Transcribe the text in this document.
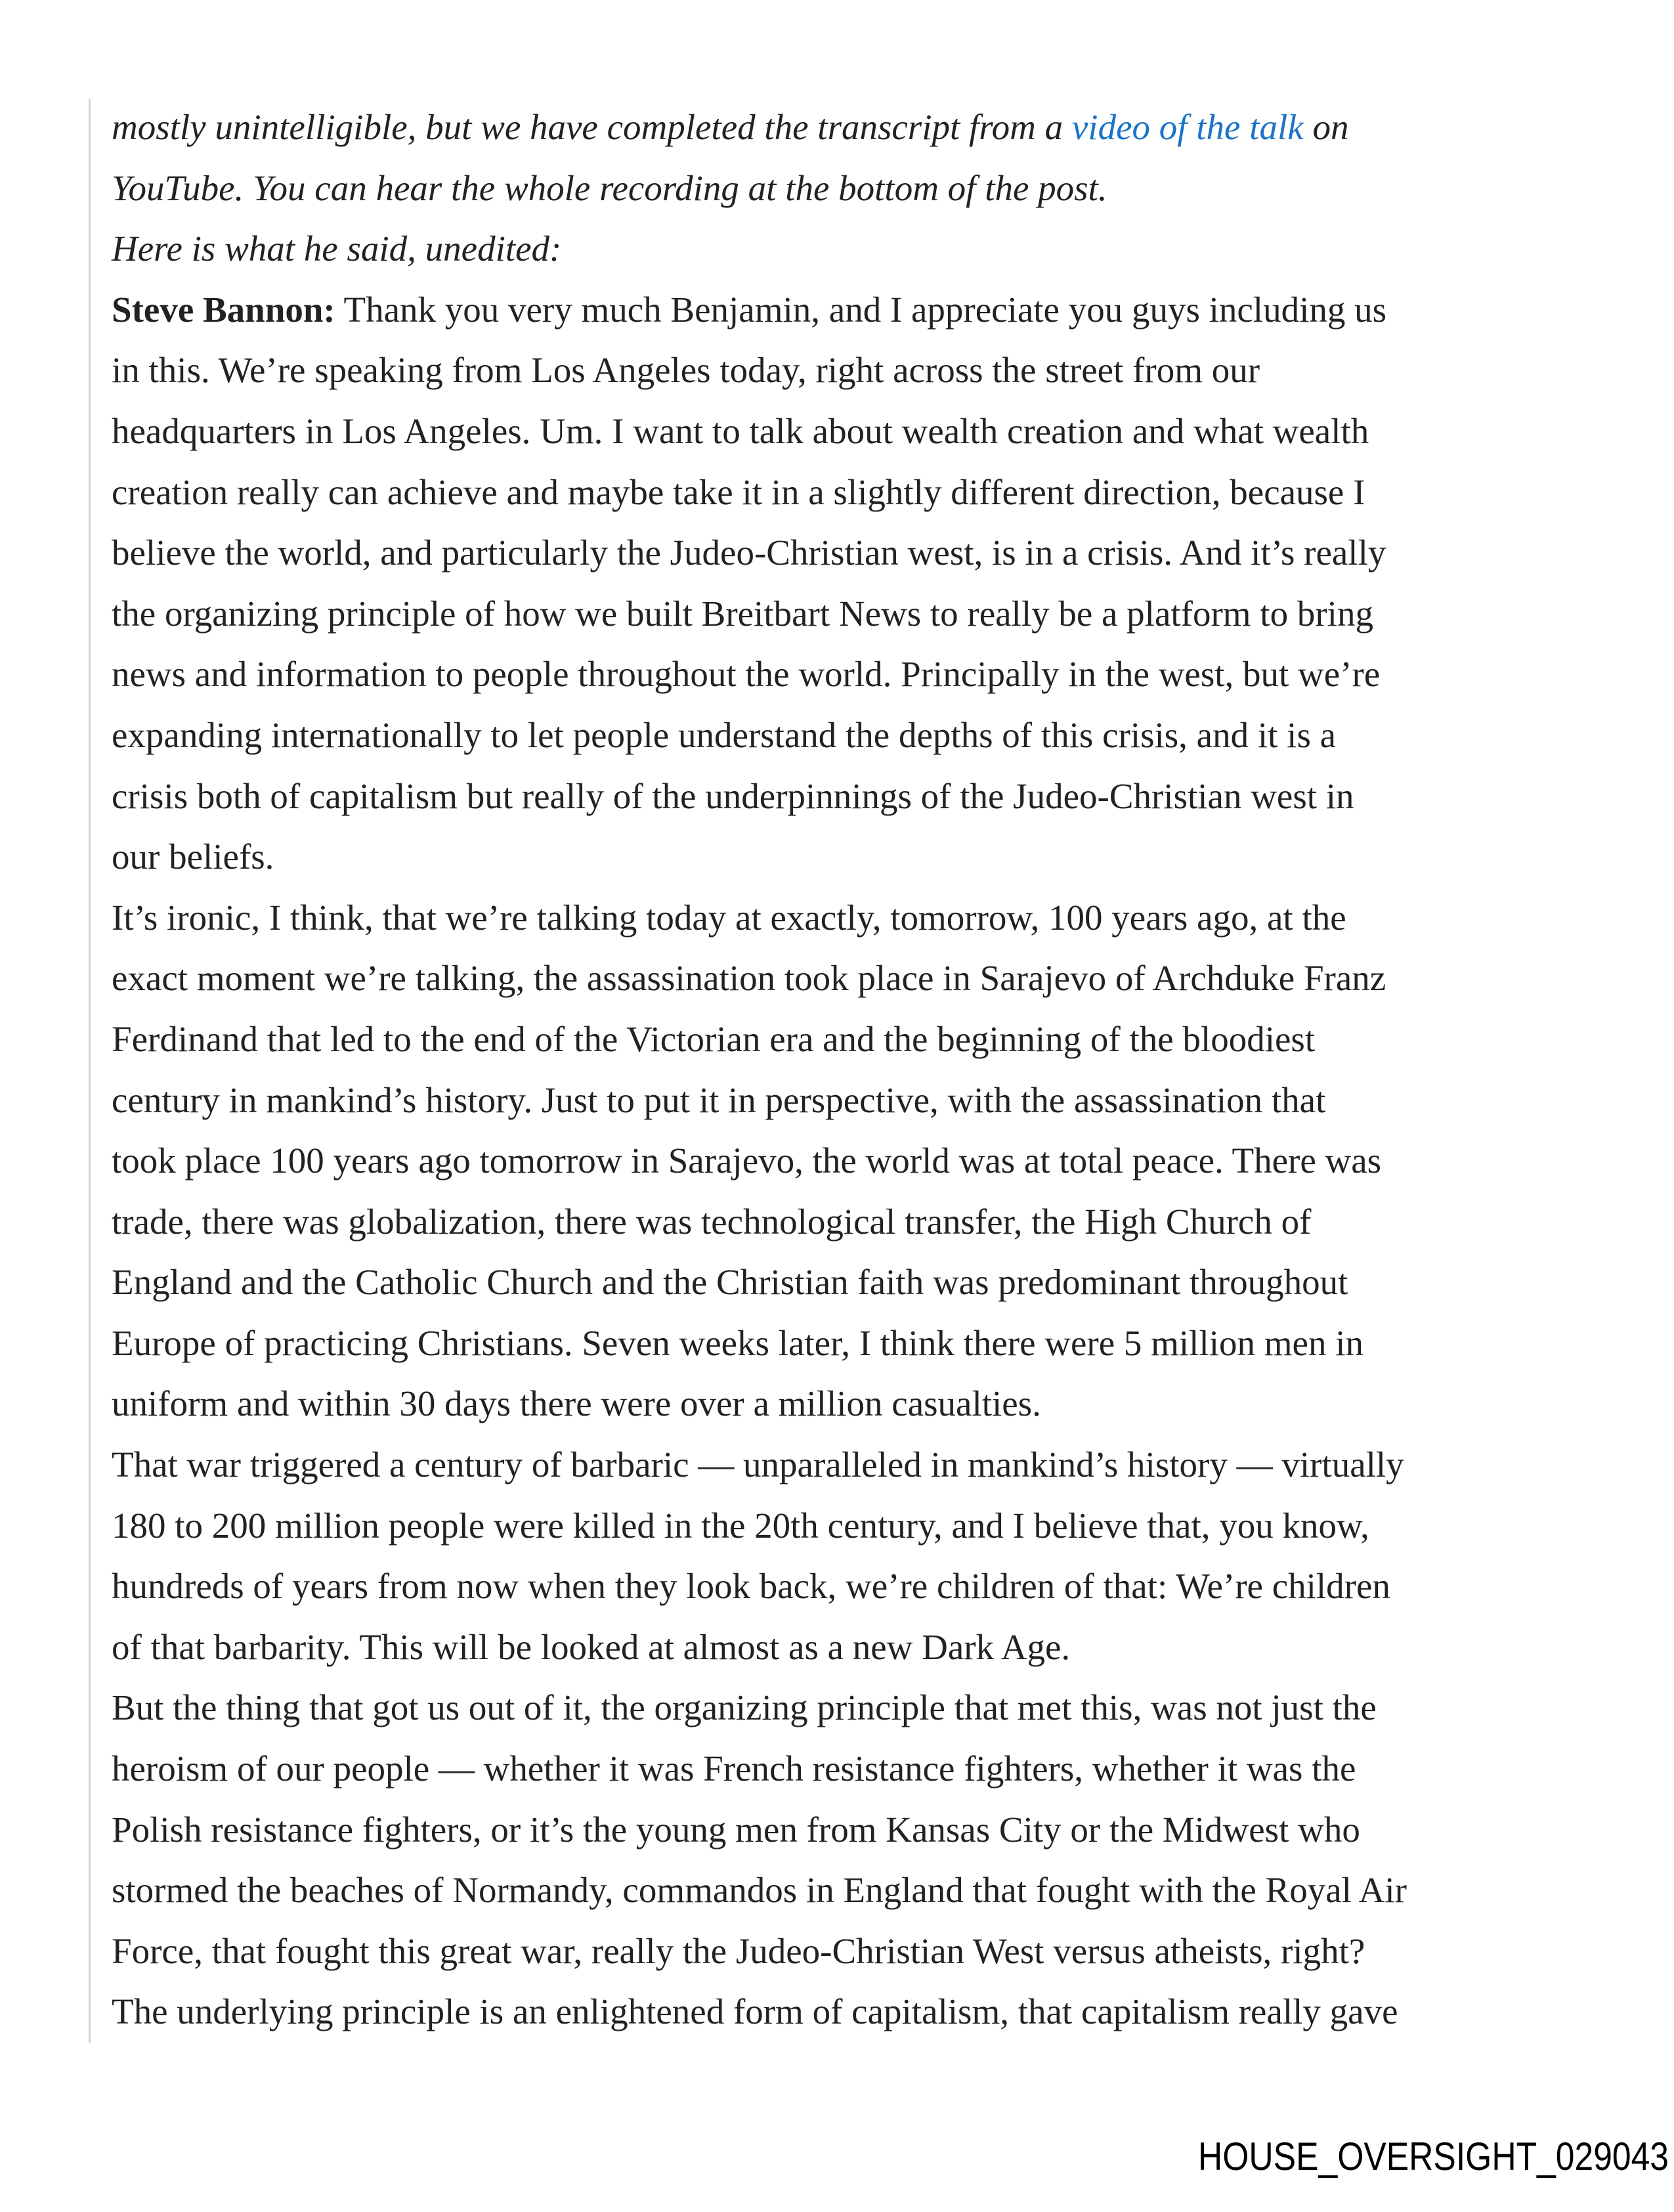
mostly unintelligible, but we have completed the transcript from a video of the talk on
YouTube. You can hear the whole recording at the bottom of the post.
Here is what he said, unedited:
Steve Bannon: Thank you very much Benjamin, and I appreciate you guys including us
in this. We’re speaking from Los Angeles today, right across the street from our
headquarters in Los Angeles. Um. I want to talk about wealth creation and what wealth
creation really can achieve and maybe take it in a slightly different direction, because I
believe the world, and particularly the Judeo-Christian west, is in a crisis. And it’s really
the organizing principle of how we built Breitbart News to really be a platform to bring
news and information to people throughout the world. Principally in the west, but we’re
expanding internationally to let people understand the depths of this crisis, and it is a
crisis both of capitalism but really of the underpinnings of the Judeo-Christian west in
our beliefs.
It’s ironic, I think, that we’re talking today at exactly, tomorrow, 100 years ago, at the
exact moment we’re talking, the assassination took place in Sarajevo of Archduke Franz
Ferdinand that led to the end of the Victorian era and the beginning of the bloodiest
century in mankind’s history. Just to put it in perspective, with the assassination that
took place 100 years ago tomorrow in Sarajevo, the world was at total peace. There was
trade, there was globalization, there was technological transfer, the High Church of
England and the Catholic Church and the Christian faith was predominant throughout
Europe of practicing Christians. Seven weeks later, I think there were 5 million men in
uniform and within 30 days there were over a million casualties.
That war triggered a century of barbaric — unparalleled in mankind’s history — virtually
180 to 200 million people were killed in the 20th century, and I believe that, you know,
hundreds of years from now when they look back, we’re children of that: We’re children
of that barbarity. This will be looked at almost as a new Dark Age.
But the thing that got us out of it, the organizing principle that met this, was not just the
heroism of our people — whether it was French resistance fighters, whether it was the
Polish resistance fighters, or it’s the young men from Kansas City or the Midwest who
stormed the beaches of Normandy, commandos in England that fought with the Royal Air
Force, that fought this great war, really the Judeo-Christian West versus atheists, right?
The underlying principle is an enlightened form of capitalism, that capitalism really gave
HOUSE_OVERSIGHT_029043
